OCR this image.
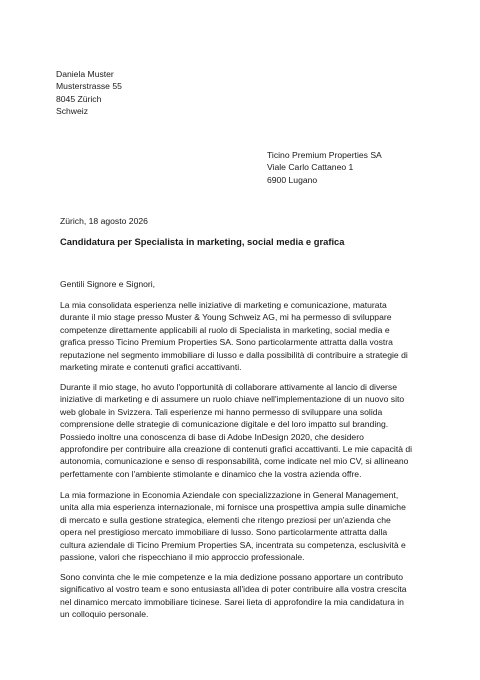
Daniela Muster
Musterstrasse 55
8045 Zürich
Schweiz
Ticino Premium Properties SA
Viale Carlo Cattaneo 1
6900 Lugano
Zürich, 18 agosto 2026
Candidatura per Specialista in marketing, social media e grafica
Gentili Signore e Signori,
La mia consolidata esperienza nelle iniziative di marketing e comunicazione, maturata
durante il mio stage presso Muster & Young Schweiz AG, mi ha permesso di sviluppare
competenze direttamente applicabili al ruolo di Specialista in marketing, social media e
grafica presso Ticino Premium Properties SA. Sono particolarmente attratta dalla vostra
reputazione nel segmento immobiliare di lusso e dalla possibilità di contribuire a strategie di
marketing mirate e contenuti grafici accattivanti.
Durante il mio stage, ho avuto l'opportunità di collaborare attivamente al lancio di diverse
iniziative di marketing e di assumere un ruolo chiave nell'implementazione di un nuovo sito
web globale in Svizzera. Tali esperienze mi hanno permesso di sviluppare una solida
comprensione delle strategie di comunicazione digitale e del loro impatto sul branding.
Possiedo inoltre una conoscenza di base di Adobe InDesign 2020, che desidero
approfondire per contribuire alla creazione di contenuti grafici accattivanti. Le mie capacità di
autonomia, comunicazione e senso di responsabilità, come indicate nel mio CV, si allineano
perfettamente con l'ambiente stimolante e dinamico che la vostra azienda offre.
La mia formazione in Economia Aziendale con specializzazione in General Management,
unita alla mia esperienza internazionale, mi fornisce una prospettiva ampia sulle dinamiche
di mercato e sulla gestione strategica, elementi che ritengo preziosi per un'azienda che
opera nel prestigioso mercato immobiliare di lusso. Sono particolarmente attratta dalla
cultura aziendale di Ticino Premium Properties SA, incentrata su competenza, esclusività e
passione, valori che rispecchiano il mio approccio professionale.
Sono convinta che le mie competenze e la mia dedizione possano apportare un contributo
significativo al vostro team e sono entusiasta all'idea di poter contribuire alla vostra crescita
nel dinamico mercato immobiliare ticinese. Sarei lieta di approfondire la mia candidatura in
un colloquio personale.
